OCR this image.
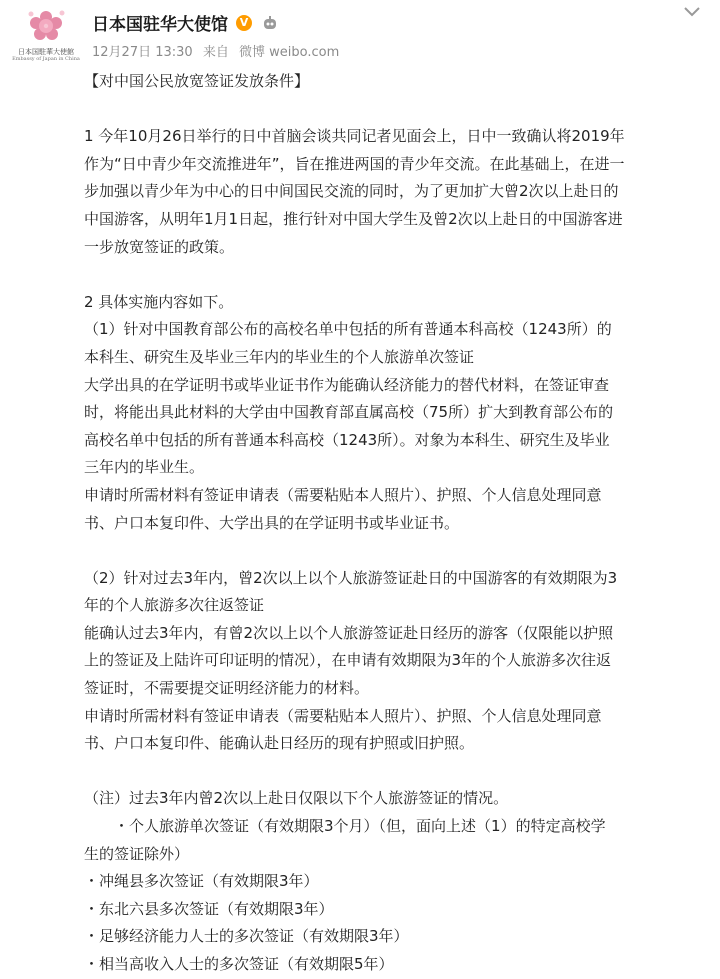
日本国駐華大使館
Embassy of Japan in China
日本国驻华大使馆	V
12月27日 13:30 来自 微博 weibo.com

【对中国公民放宽签证发放条件】

1 今年10月26日举行的日中首脑会谈共同记者见面会上，日中一致确认将2019年

作为“日中青少年交流推进年”，旨在推进两国的青少年交流。在此基础上，在进一

步加强以青少年为中心的日中间国民交流的同时，为了更加扩大曾2次以上赴日的

中国游客，从明年1月1日起，推行针对中国大学生及曾2次以上赴日的中国游客进

一步放宽签证的政策。

2 具体实施内容如下。

（1）针对中国教育部公布的高校名单中包括的所有普通本科高校（1243所）的

本科生、研究生及毕业三年内的毕业生的个人旅游单次签证

大学出具的在学证明书或毕业证书作为能确认经济能力的替代材料，在签证审查

时，将能出具此材料的大学由中国教育部直属高校（75所）扩大到教育部公布的

高校名单中包括的所有普通本科高校（1243所）。对象为本科生、研究生及毕业

三年内的毕业生。

申请时所需材料有签证申请表（需要粘贴本人照片）、护照、个人信息处理同意

书、户口本复印件、大学出具的在学证明书或毕业证书。

（2）针对过去3年内，曾2次以上以个人旅游签证赴日的中国游客的有效期限为3

年的个人旅游多次往返签证

能确认过去3年内，有曾2次以上以个人旅游签证赴日经历的游客（仅限能以护照

上的签证及上陆许可印证明的情况），在申请有效期限为3年的个人旅游多次往返

签证时，不需要提交证明经济能力的材料。

申请时所需材料有签证申请表（需要粘贴本人照片）、护照、个人信息处理同意

书、户口本复印件、能确认赴日经历的现有护照或旧护照。

（注）过去3年内曾2次以上赴日仅限以下个人旅游签证的情况。

　　・个人旅游单次签证（有效期限3个月）（但，面向上述（1）的特定高校学

生的签证除外）

・冲绳县多次签证（有效期限3年）

・东北六县多次签证（有效期限3年）

・足够经济能力人士的多次签证（有效期限3年）

・相当高收入人士的多次签证（有效期限5年）
